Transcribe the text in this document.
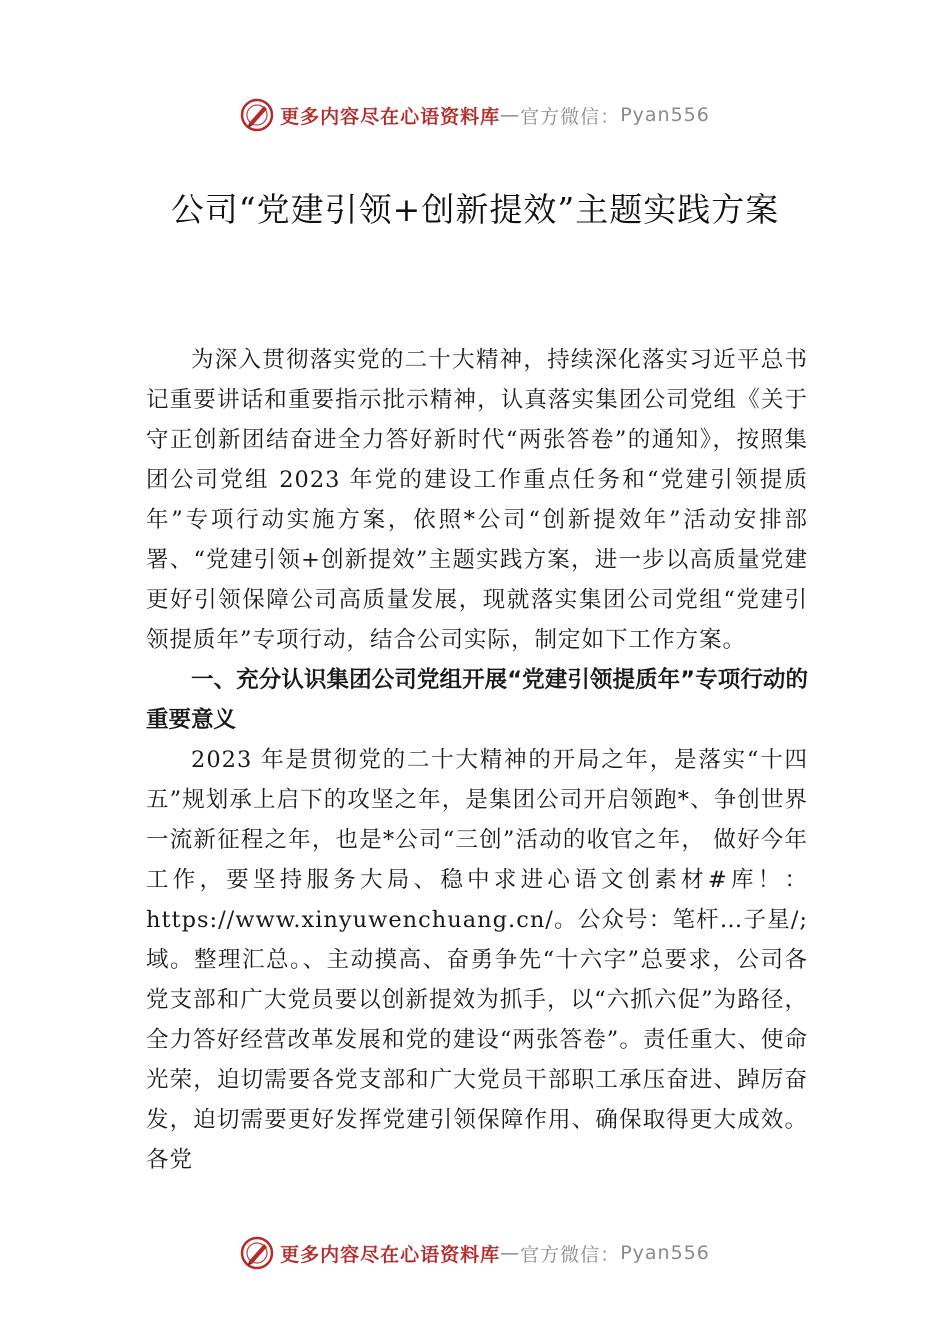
更多内容尽在心语资料库 — 官方微信： Pyan556
公司“党建引领+创新提效”主题实践方案

为深入贯彻落实党的二十大精神，持续深化落实习近平总书记重要讲话和重要指示批示精神，认真落实集团公司党组《关于守正创新团结奋进全力答好新时代“两张答卷”的通知》，按照集团公司党组 2023 年党的建设工作重点任务和“党建引领提质年”专项行动实施方案，依照*公司“创新提效年”活动安排部署、“党建引领+创新提效”主题实践方案，进一步以高质量党建更好引领保障公司高质量发展，现就落实集团公司党组“党建引领提质年”专项行动，结合公司实际，制定如下工作方案。

一、充分认识集团公司党组开展“党建引领提质年”专项行动的重要意义

2023 年是贯彻党的二十大精神的开局之年，是落实“十四五”规划承上启下的攻坚之年，是集团公司开启领跑*、争创世界一流新征程之年，也是*公司“三创”活动的收官之年， 做好今年工作，要坚持服务大局、稳中求进心语文创素材#库！：https://www.xinyuwenchuang.cn/。公众号：笔杆…子星/;域。整理汇总。、主动摸高、奋勇争先“十六字”总要求，公司各党支部和广大党员要以创新提效为抓手，以“六抓六促”为路径，全力答好经营改革发展和党的建设“两张答卷”。责任重大、使命光荣，迫切需要各党支部和广大党员干部职工承压奋进、踔厉奋发，迫切需要更好发挥党建引领保障作用、确保取得更大成效。各党

更多内容尽在心语资料库 — 官方微信： Pyan556
